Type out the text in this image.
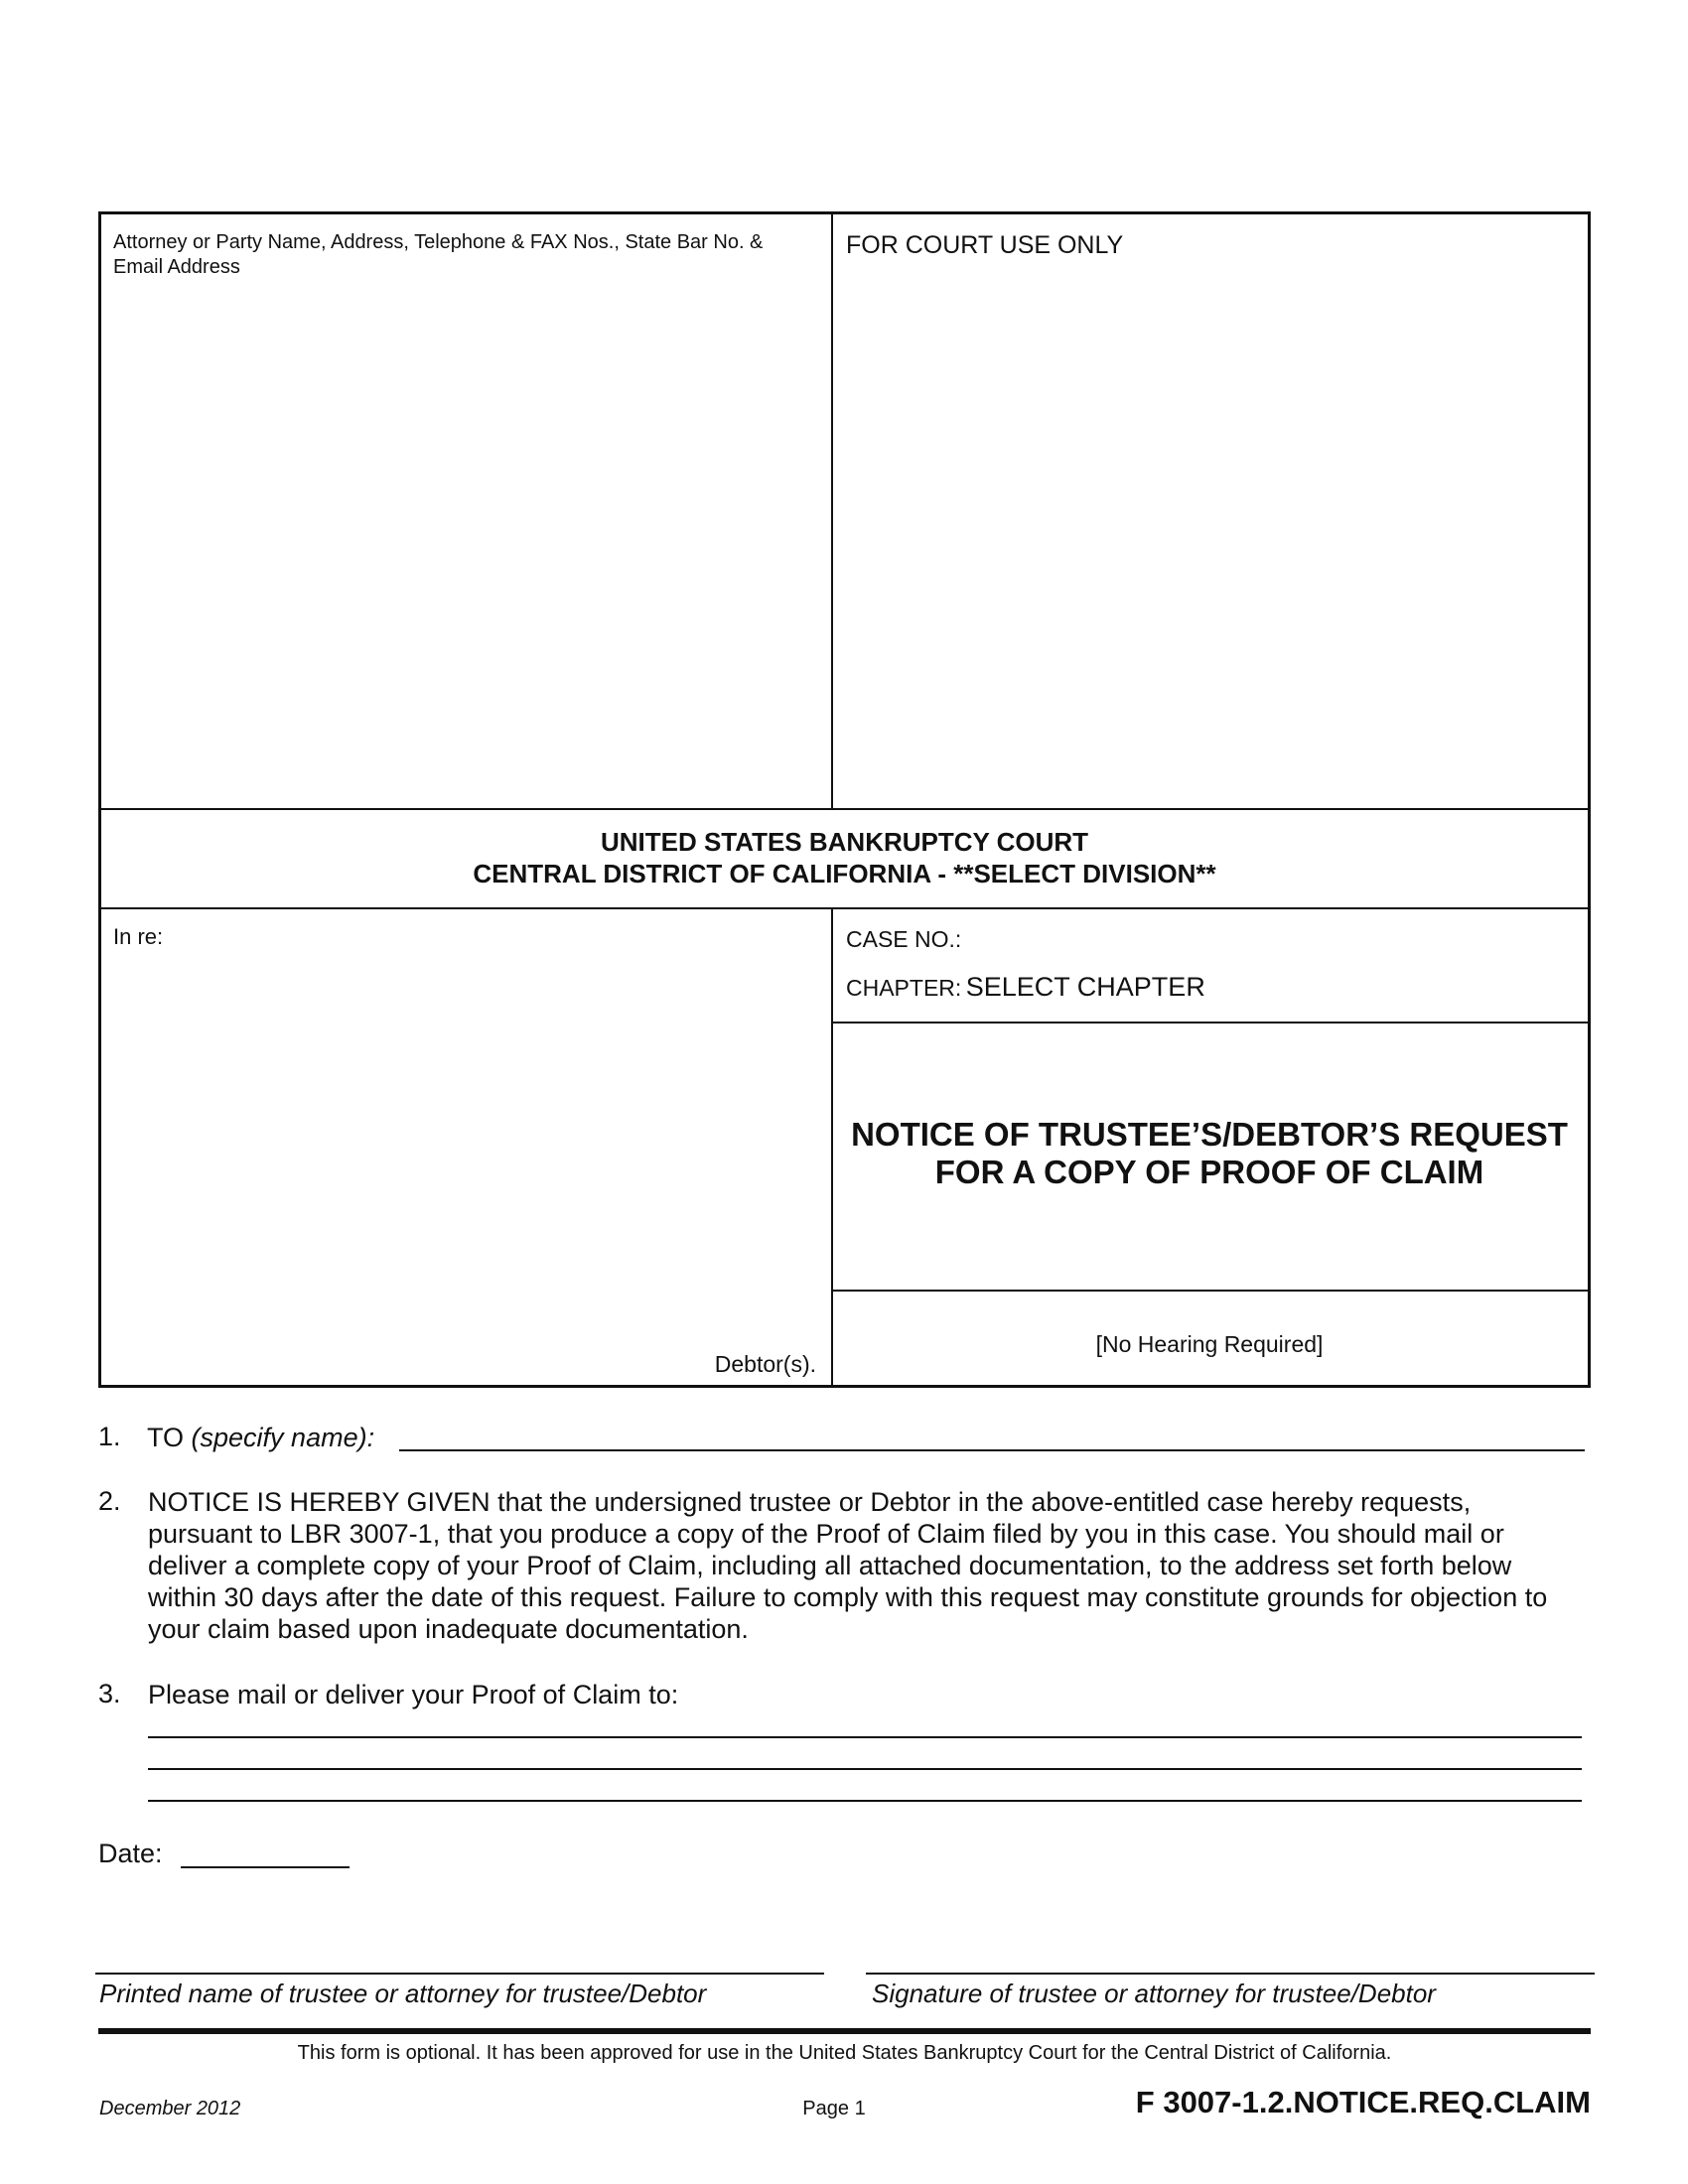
Attorney or Party Name, Address, Telephone & FAX Nos., State Bar No. & Email Address
FOR COURT USE ONLY
UNITED STATES BANKRUPTCY COURT
CENTRAL DISTRICT OF CALIFORNIA - **SELECT DIVISION**
In re:
Debtor(s).
CASE NO.:
CHAPTER: SELECT CHAPTER
NOTICE OF TRUSTEE’S/DEBTOR’S REQUEST
FOR A COPY OF PROOF OF CLAIM
[No Hearing Required]
1. TO (specify name):
2. NOTICE IS HEREBY GIVEN that the undersigned trustee or Debtor in the above-entitled case hereby requests, pursuant to LBR 3007-1, that you produce a copy of the Proof of Claim filed by you in this case. You should mail or deliver a complete copy of your Proof of Claim, including all attached documentation, to the address set forth below within 30 days after the date of this request. Failure to comply with this request may constitute grounds for objection to your claim based upon inadequate documentation.
3. Please mail or deliver your Proof of Claim to:
Date:
Printed name of trustee or attorney for trustee/Debtor	Signature of trustee or attorney for trustee/Debtor
This form is optional. It has been approved for use in the United States Bankruptcy Court for the Central District of California.
December 2012	Page 1	F 3007-1.2.NOTICE.REQ.CLAIM
